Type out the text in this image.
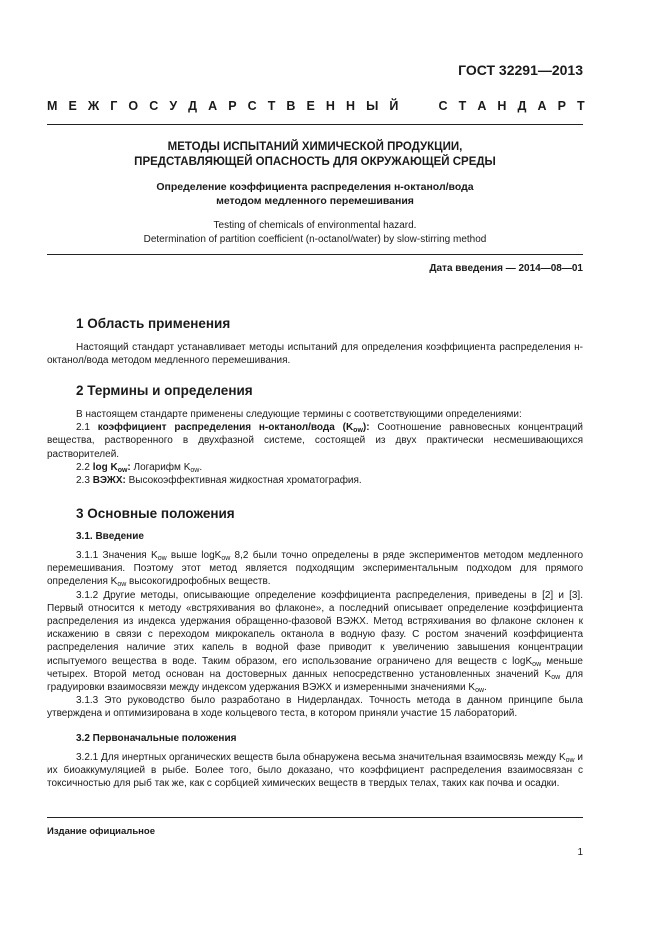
ГОСТ 32291—2013
М Е Ж Г О С У Д А Р С Т В Е Н Н Ы Й	С Т А Н Д А Р Т
МЕТОДЫ ИСПЫТАНИЙ ХИМИЧЕСКОЙ ПРОДУКЦИИ,
ПРЕДСТАВЛЯЮЩЕЙ ОПАСНОСТЬ ДЛЯ ОКРУЖАЮЩЕЙ СРЕДЫ
Определение коэффициента распределения н-октанол/вода
методом медленного перемешивания
Testing of chemicals of environmental hazard.
Determination of partition coefficient (n-octanol/water) by slow-stirring method
Дата введения — 2014—08—01
1 Область применения

Настоящий стандарт устанавливает методы испытаний для определения коэффициента распределения н-октанол/вода методом медленного перемешивания.

2 Термины и определения

В настоящем стандарте применены следующие термины с соответствующими определениями:

2.1 коэффициент распределения н-октанол/вода $(K_{ow})$: Соотношение равновесных концентраций вещества, растворенного в двухфазной системе, состоящей из двух практически несмешивающихся растворителей.

2.2 $\log K_{ow}$: Логарифм $K_{ow}$.

2.3 ВЭЖХ: Высокоэффективная жидкостная хроматография.

3 Основные положения
3.1. Введение

3.1.1 Значения $K_{ow}$ выше logK$_{ow}$ 8,2 были точно определены в ряде экспериментов методом медленного перемешивания. Поэтому этот метод является подходящим экспериментальным подходом для прямого определения $K_{ow}$ высокогидрофобных веществ.

3.1.2 Другие методы, описывающие определение коэффициента распределения, приведены в [2] и [3]. Первый относится к методу «встряхивания во флаконе», а последний описывает определение коэффициента распределения из индекса удержания обращенно-фазовой ВЭЖХ. Метод встряхивания во флаконе склонен к искажению в связи с переходом микрокапель октанола в водную фазу. С ростом значений коэффициента распределения наличие этих капель в водной фазе приводит к увеличению завышения концентрации испытуемого вещества в воде. Таким образом, его использование ограничено для веществ с logK$_{ow}$ меньше четырех. Второй метод основан на достоверных данных непосредственно установленных значений $K_{ow}$ для градуировки взаимосвязи между индексом удержания ВЭЖХ и измеренными значениями $K_{ow}$.

3.1.3 Это руководство было разработано в Нидерландах. Точность метода в данном принципе была утверждена и оптимизирована в ходе кольцевого теста, в котором приняли участие 15 лабораторий.

3.2 Первоначальные положения

3.2.1 Для инертных органических веществ была обнаружена весьма значительная взаимосвязь между $K_{ow}$ и их биоаккумуляцией в рыбе. Более того, было доказано, что коэффициент распределения взаимосвязан с токсичностью для рыб так же, как с сорбцией химических веществ в твердых телах, таких как почва и осадки.

Издание официальное
1
